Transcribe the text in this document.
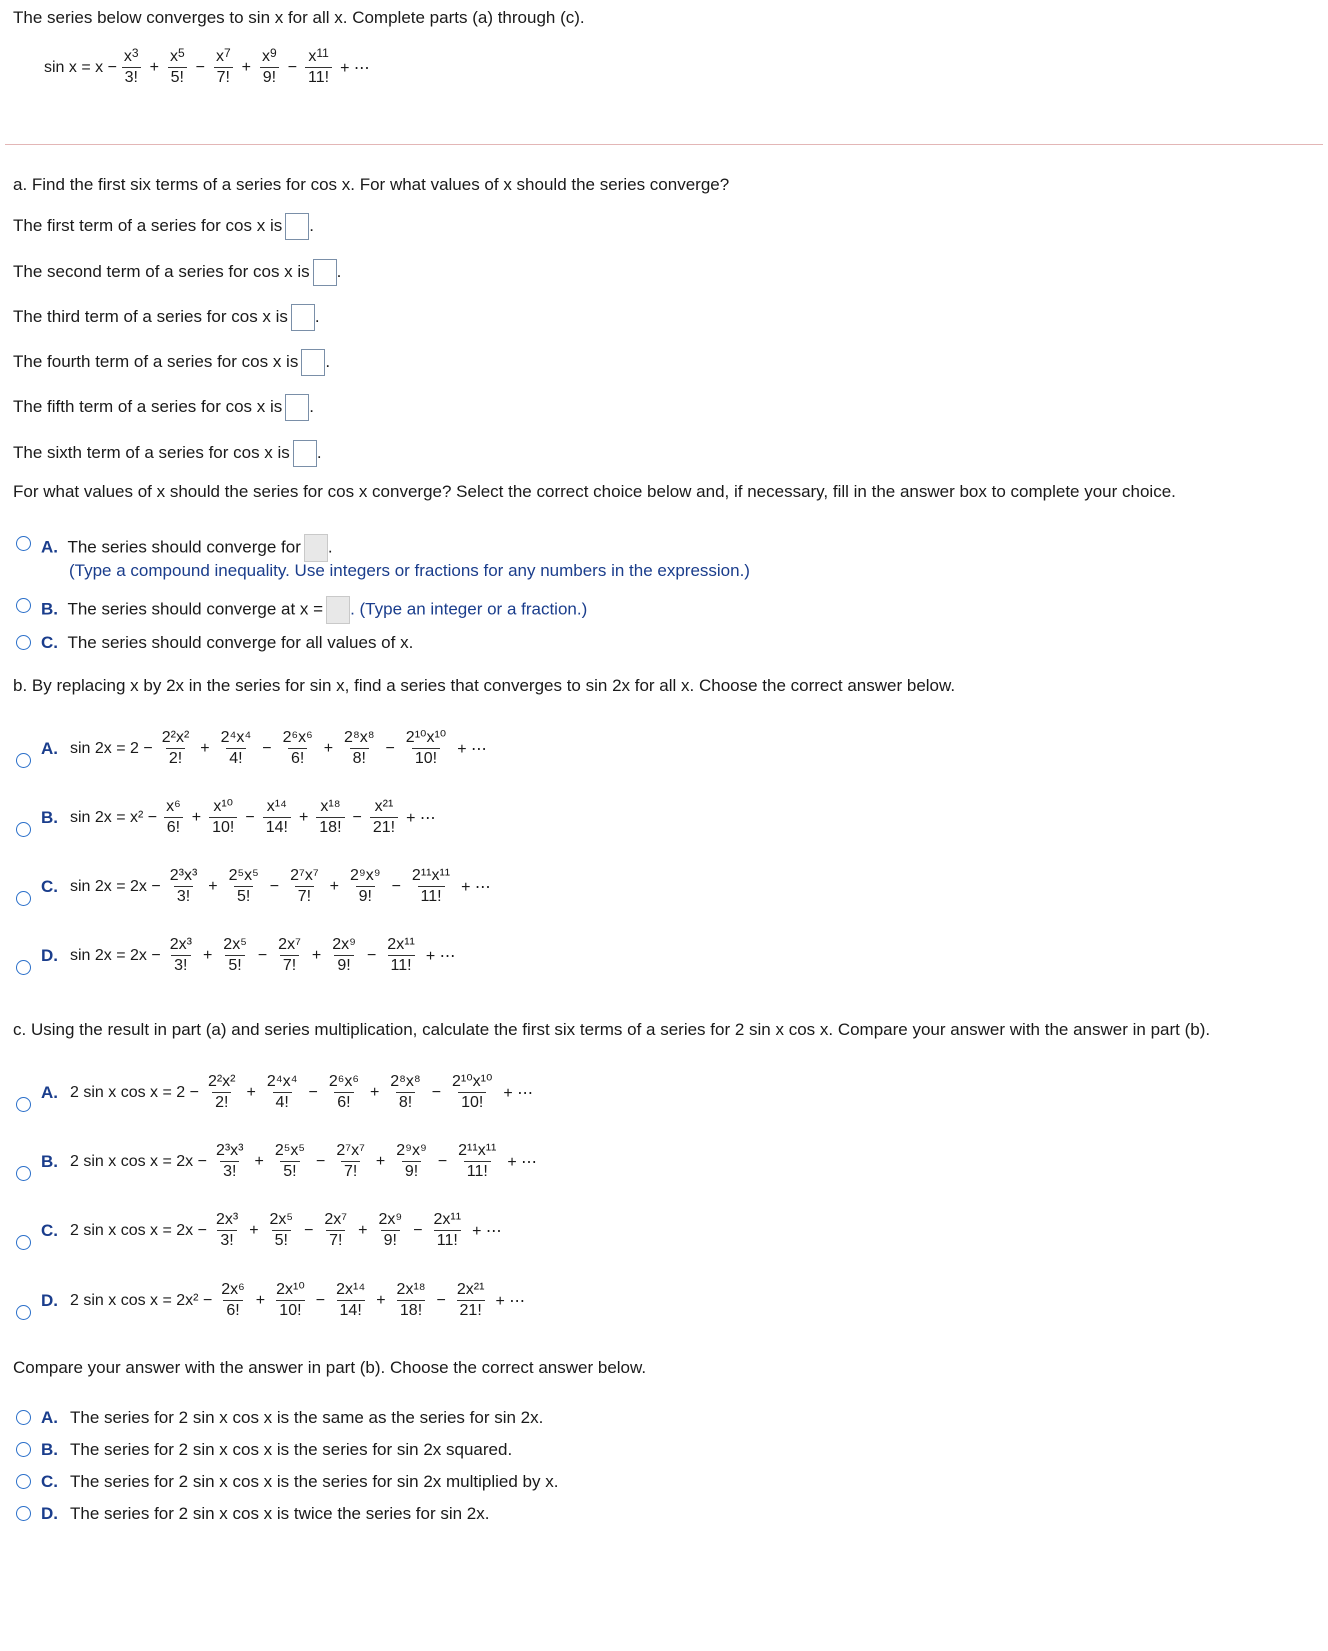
The series below converges to sin x for all x. Complete parts (a) through (c).
$\sin x = x - \frac{x^3}{3!} + \frac{x^5}{5!} - \frac{x^7}{7!} + \frac{x^9}{9!} - \frac{x^{11}}{11!}$ + ⋯
a. Find the first six terms of a series for cos x. For what values of x should the series converge?
The first term of a series for cos x is .
The second term of a series for cos x is .
The third term of a series for cos x is .
The fourth term of a series for cos x is .
The fifth term of a series for cos x is .
The sixth term of a series for cos x is .
For what values of x should the series for cos x converge? Select the correct choice below and, if necessary, fill in the answer box to complete your choice.
A. The series should converge for .
(Type a compound inequality. Use integers or fractions for any numbers in the expression.)
B. The series should converge at x = . (Type an integer or a fraction.)
C. The series should converge for all values of x.
b. By replacing x by 2x in the series for sin x, find a series that converges to sin 2x for all x. Choose the correct answer below.
A. $\sin 2x = 2 - \frac{\text{2²x²}}{2!} + \frac{\text{2⁴x⁴}}{4!} - \frac{\text{2⁶x⁶}}{6!} + \frac{\text{2⁸x⁸}}{8!} - \frac{\text{2¹⁰x¹⁰}}{10!}$ + ⋯
B. $\sin 2x = x^2 - \frac{\text{x⁶}}{6!} + \frac{\text{x¹⁰}}{10!} - \frac{\text{x¹⁴}}{14!} + \frac{\text{x¹⁸}}{18!} - \frac{\text{x²¹}}{21!}$ + ⋯
C. $\sin 2x = 2x - \frac{\text{2³x³}}{3!} + \frac{\text{2⁵x⁵}}{5!} - \frac{\text{2⁷x⁷}}{7!} + \frac{\text{2⁹x⁹}}{9!} - \frac{\text{2¹¹x¹¹}}{11!}$ + ⋯
D. $\sin 2x = 2x - \frac{\text{2x³}}{3!} + \frac{\text{2x⁵}}{5!} - \frac{\text{2x⁷}}{7!} + \frac{\text{2x⁹}}{9!} - \frac{\text{2x¹¹}}{11!}$ + ⋯
c. Using the result in part (a) and series multiplication, calculate the first six terms of a series for 2 sin x cos x. Compare your answer with the answer in part (b).
A. 2 sin x $\cos x = 2 - \frac{\text{2²x²}}{2!} + \frac{\text{2⁴x⁴}}{4!} - \frac{\text{2⁶x⁶}}{6!} + \frac{\text{2⁸x⁸}}{8!} - \frac{\text{2¹⁰x¹⁰}}{10!}$ + ⋯
B. 2 sin x $\cos x = 2x - \frac{\text{2³x³}}{3!} + \frac{\text{2⁵x⁵}}{5!} - \frac{\text{2⁷x⁷}}{7!} + \frac{\text{2⁹x⁹}}{9!} - \frac{\text{2¹¹x¹¹}}{11!}$ + ⋯
C. 2 sin x $\cos x = 2x - \frac{\text{2x³}}{3!} + \frac{\text{2x⁵}}{5!} - \frac{\text{2x⁷}}{7!} + \frac{\text{2x⁹}}{9!} - \frac{\text{2x¹¹}}{11!}$ + ⋯
D. 2 sin x $\cos x = 2x^2 - \frac{\text{2x⁶}}{6!} + \frac{\text{2x¹⁰}}{10!} - \frac{\text{2x¹⁴}}{14!} + \frac{\text{2x¹⁸}}{18!} - \frac{\text{2x²¹}}{21!}$ + ⋯
Compare your answer with the answer in part (b). Choose the correct answer below.
A. The series for 2 sin x cos x is the same as the series for sin 2x.
B. The series for 2 sin x cos x is the series for sin 2x squared.
C. The series for 2 sin x cos x is the series for sin 2x multiplied by x.
D. The series for 2 sin x cos x is twice the series for sin 2x.
